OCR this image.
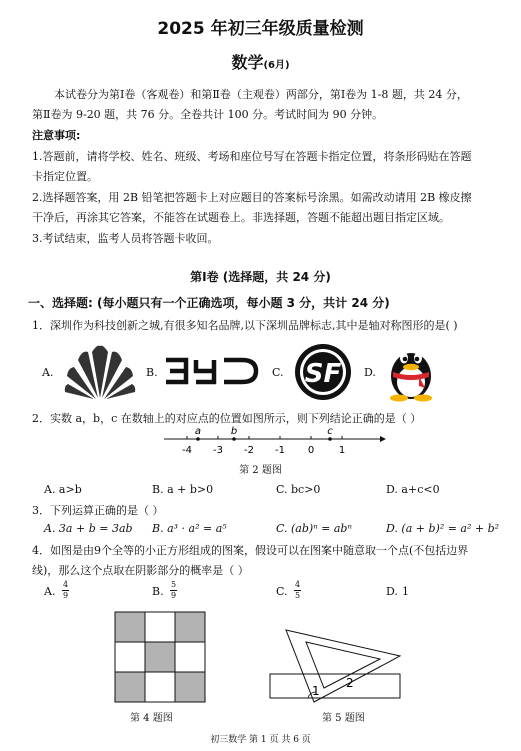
2025 年初三年级质量检测
数学(6月)
本试卷分为第Ⅰ卷（客观卷）和第Ⅱ卷（主观卷）两部分，第Ⅰ卷为 1-8 题，共 24 分，
第Ⅱ卷为 9-20 题，共 76 分。全卷共计 100 分。考试时间为 90 分钟。
注意事项:
1.答题前，请将学校、姓名、班级、考场和座位号写在答题卡指定位置，将条形码贴在答题
卡指定位置。
2.选择题答案，用 2B 铅笔把答题卡上对应题目的答案标号涂黑。如需改动请用 2B 橡皮擦
干净后，再涂其它答案，不能答在试题卷上。非选择题，答题不能超出题目指定区域。
3.考试结束，监考人员将答题卡收回。
第Ⅰ卷 (选择题，共 24 分)
一、选择题: (每小题只有一个正确选项，每小题 3 分，共计 24 分)
1．深圳作为科技创新之城,有很多知名品牌,以下深圳品牌标志,其中是轴对称图形的是( )
A.	B.	C. SF D.
2．实数 a，b，c 在数轴上的对应点的位置如图所示，则下列结论正确的是（ ）
a	b	c
-4 -3 -2 -1 0 1
第 2 题图
A. a>b	B. a + b>0	C. bc>0	D. a+c<0
3．下列运算正确的是（ ）
A. 3a + b = 3ab B. a³ · a² = a⁵	C. (ab)ⁿ = abⁿ	D. (a + b)² = a² + b²
4．如图是由9个全等的小正方形组成的图案，假设可以在图案中随意取一个点(不包括边界
线)，那么这个点取在阴影部分的概率是（ ）
A. $\frac{4}{9}$	B. $\frac{5}{9}$	C. $\frac{4}{5}$	D. 1
第 4 题图
1
2
第 5 题图
初三数学 第 1 页 共 6 页
